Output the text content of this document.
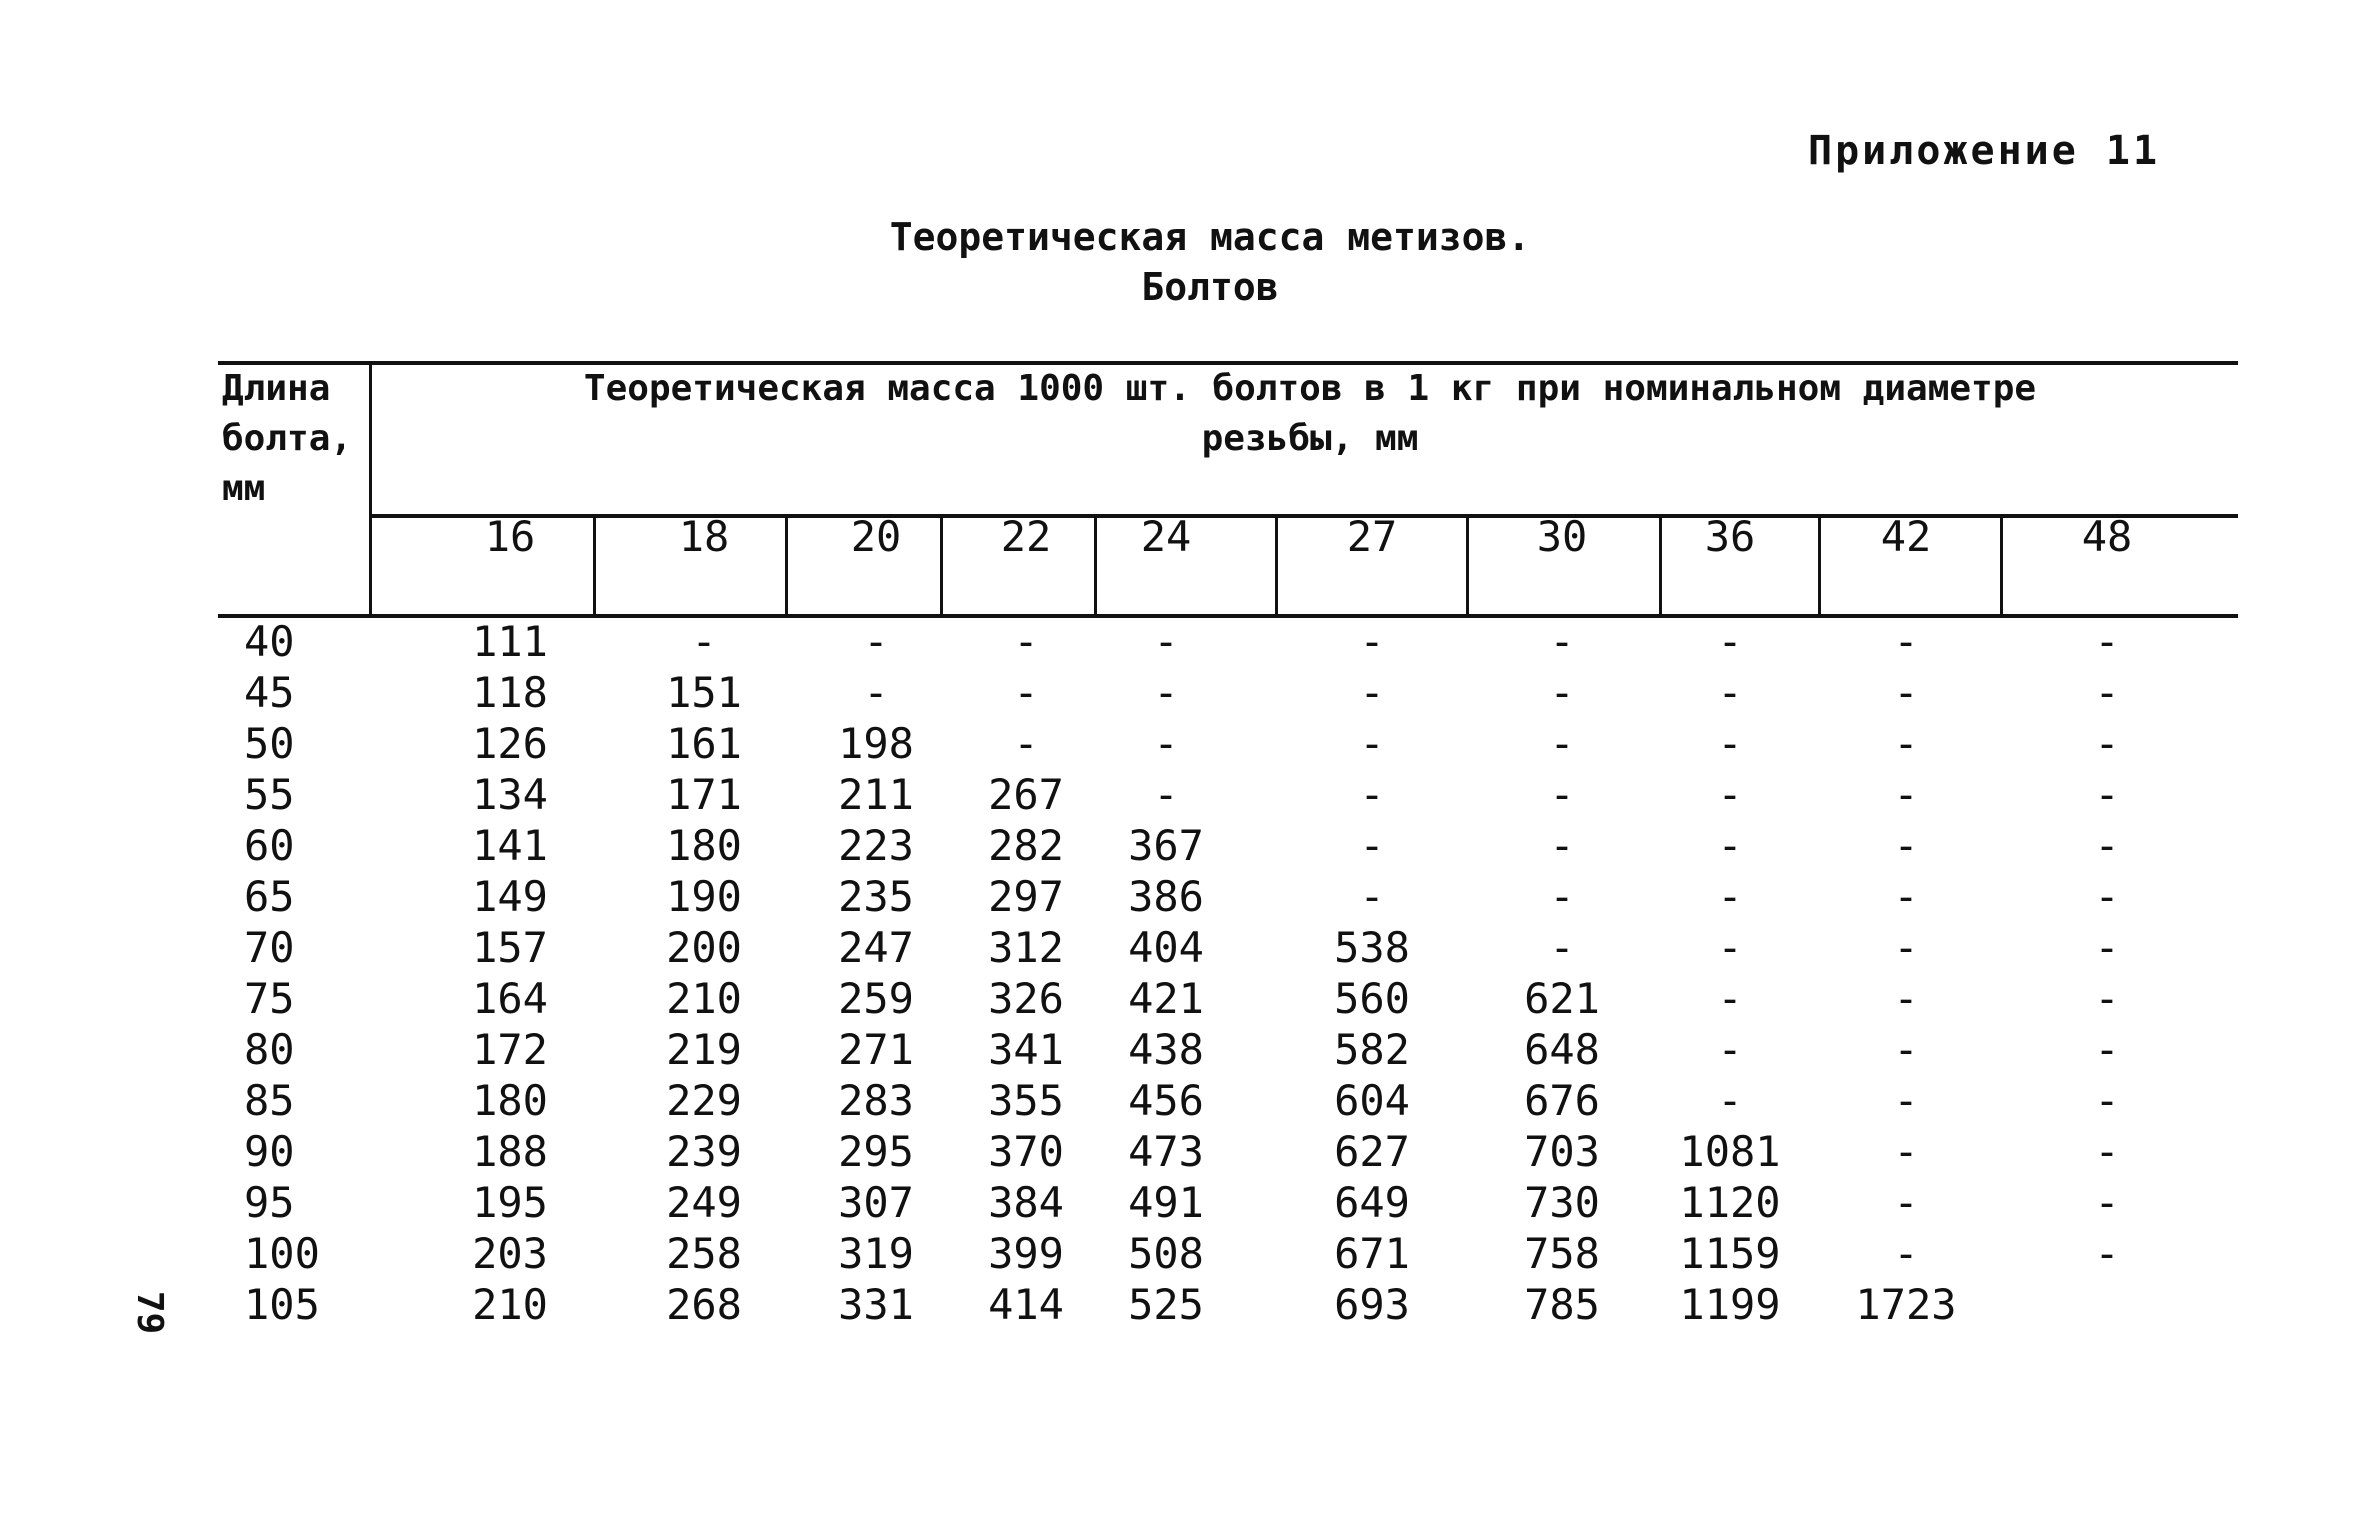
Приложение 11
Теоретическая масса метизов.
Болтов
79
Длина
болта,
мм
Теоретическая масса 1000 шт. болтов в 1 кг при номинальном диаметре
резьбы, мм
16	18	20	22	24	27	30	36	42	48
40	111	-	-	-	-	-	-	-	-	-
45	118	151	-	-	-	-	-	-	-	-
50	126	161	198	-	-	-	-	-	-	-
55	134	171	211	267	-	-	-	-	-	-
60	141	180	223	282	367	-	-	-	-	-
65	149	190	235	297	386	-	-	-	-	-
70	157	200	247	312	404	538	-	-	-	-
75	164	210	259	326	421	560	621	-	-	-
80	172	219	271	341	438	582	648	-	-	-
85	180	229	283	355	456	604	676	-	-	-
90	188	239	295	370	473	627	703	1081	-	-
95	195	249	307	384	491	649	730	1120	-	-
100	203	258	319	399	508	671	758	1159	-	-
105	210	268	331	414	525	693	785	1199 1723
